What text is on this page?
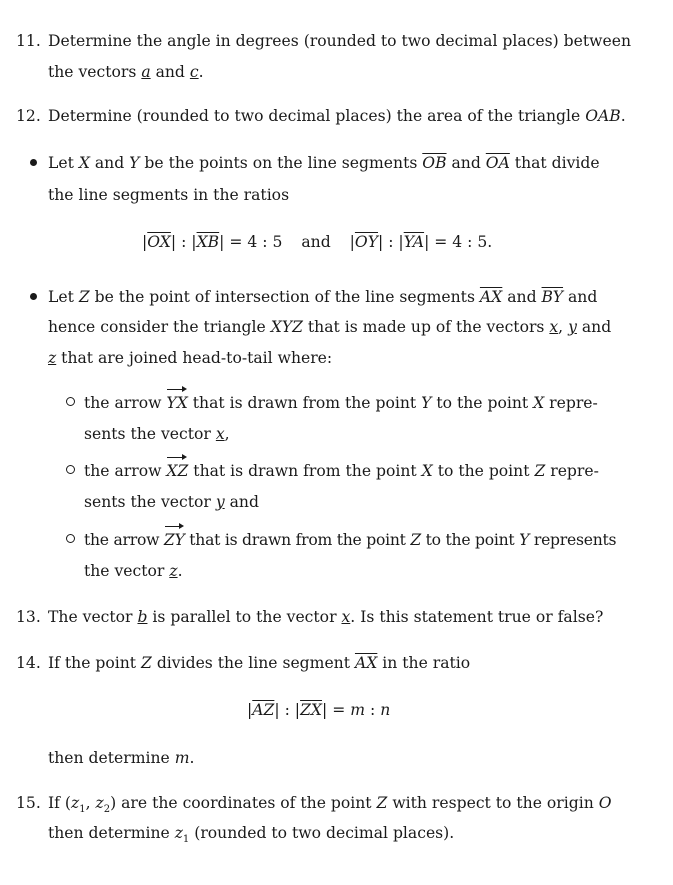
11. Determine the angle in degrees (rounded to two decimal places) between
the vectors a and c.
12. Determine (rounded to two decimal places) the area of the triangle OAB.
Let X and Y be the points on the line segments $\overline{OB}$ and $\overline{OA}$ that divide
the line segments in the ratios
$|\overline{OX}|$ : $|\overline{XB}| = 4$ : 5 and $|\overline{OY}|$ : $|\overline{YA}| = 4$ : 5.
Let Z be the point of intersection of the line segments $\overline{AX}$ and $\overline{BY}$ and
hence consider the triangle XYZ that is made up of the vectors x, y and
z that are joined head-to-tail where:
the arrow YX that is drawn from the point Y to the point X repre-
sents the vector x,
the arrow XZ that is drawn from the point X to the point Z repre-
sents the vector y and
the arrow ZY that is drawn from the point Z to the point Y represents
the vector z.
13. The vector b is parallel to the vector x. Is this statement true or false?
14. If the point Z divides the line segment $\overline{AX}$ in the ratio
$|\overline{AZ}|$ : $|\overline{ZX}| = m$ : n
then determine m.
15. If ($z_1$, $z_2$) are the coordinates of the point Z with respect to the origin O
then determine $z_1$ (rounded to two decimal places).
